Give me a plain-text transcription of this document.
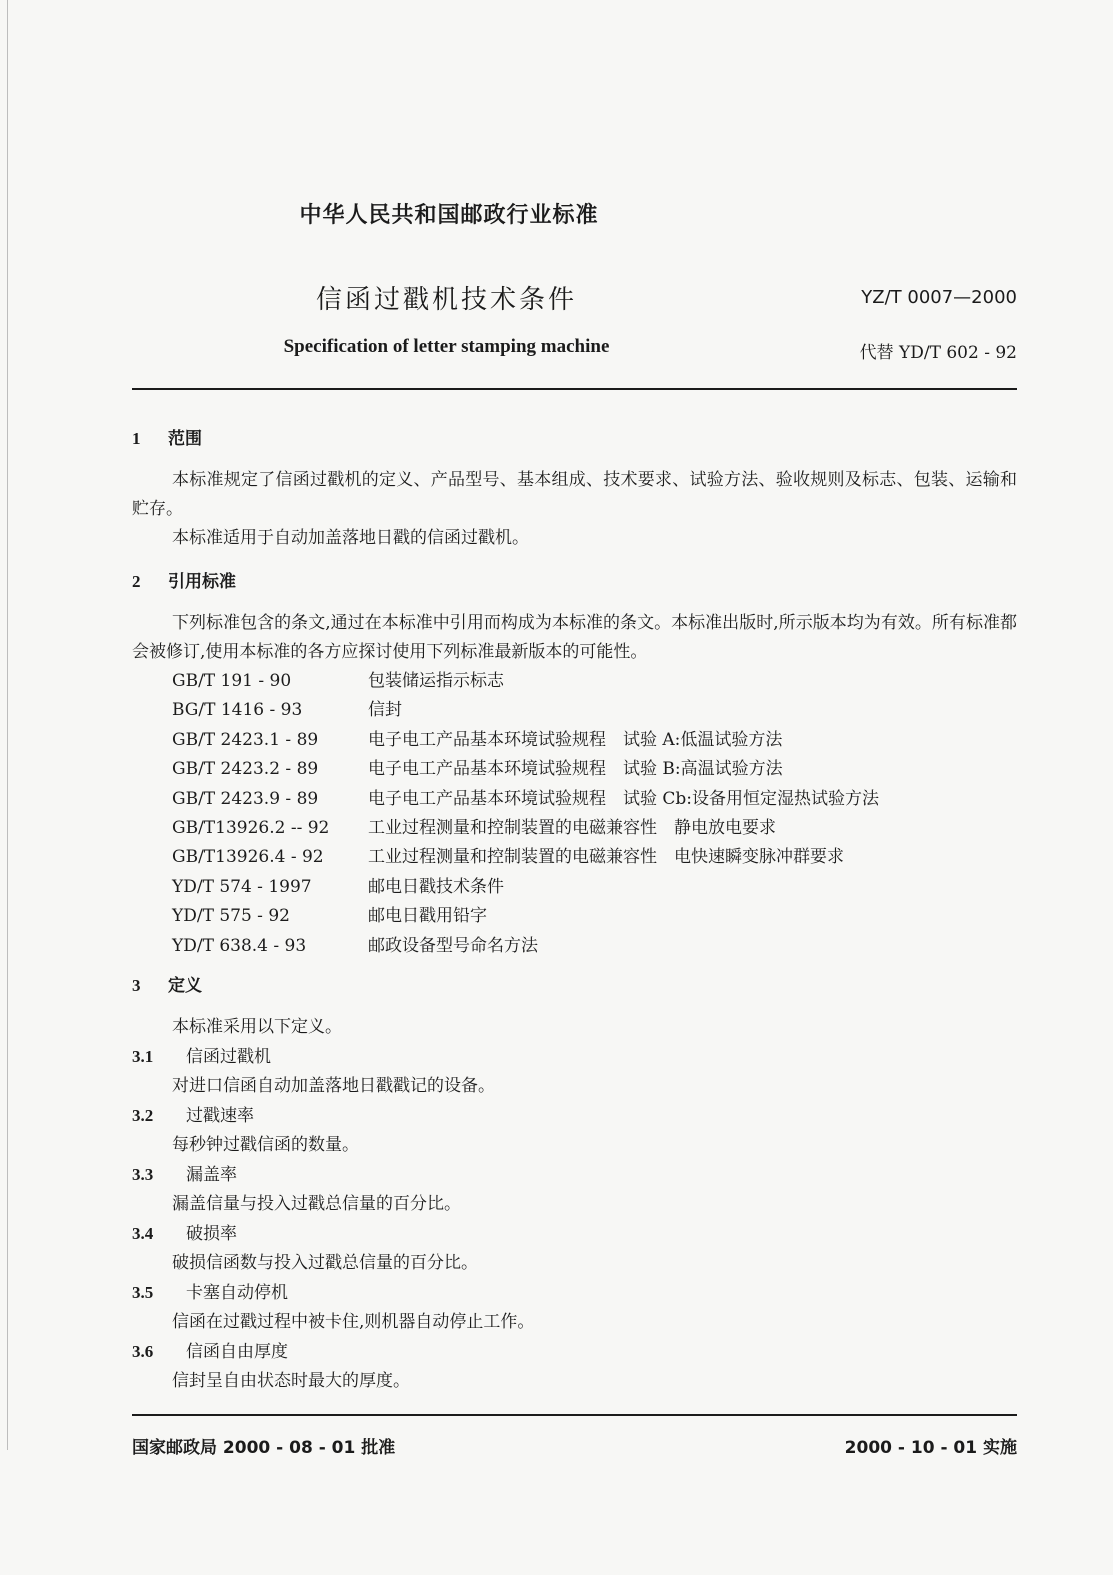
中华人民共和国邮政行业标准
信函过戳机技术条件	YZ/T 0007—2000
Specification of letter stamping machine	代替 YD/T 602 - 92

1 范围

本标准规定了信函过戳机的定义、产品型号、基本组成、技术要求、试验方法、验收规则及标志、包装、运输和贮存。

本标准适用于自动加盖落地日戳的信函过戳机。

2 引用标准

下列标准包含的条文,通过在本标准中引用而构成为本标准的条文。本标准出版时,所示版本均为有效。所有标准都会被修订,使用本标准的各方应探讨使用下列标准最新版本的可能性。

GB/T 191 - 90	包装储运指示标志
BG/T 1416 - 93	信封
GB/T 2423.1 - 89	电子电工产品基本环境试验规程　试验 A:低温试验方法
GB/T 2423.2 - 89	电子电工产品基本环境试验规程　试验 B:高温试验方法
GB/T 2423.9 - 89	电子电工产品基本环境试验规程　试验 Cb:设备用恒定湿热试验方法
GB/T13926.2 -- 92	工业过程测量和控制装置的电磁兼容性　静电放电要求
GB/T13926.4 - 92	工业过程测量和控制装置的电磁兼容性　电快速瞬变脉冲群要求
YD/T 574 - 1997	邮电日戳技术条件
YD/T 575 - 92	邮电日戳用铅字
YD/T 638.4 - 93	邮政设备型号命名方法

3 定义

本标准采用以下定义。

3.1 信函过戳机

对进口信函自动加盖落地日戳戳记的设备。

3.2 过戳速率

每秒钟过戳信函的数量。

3.3 漏盖率

漏盖信量与投入过戳总信量的百分比。

3.4 破损率

破损信函数与投入过戳总信量的百分比。

3.5 卡塞自动停机

信函在过戳过程中被卡住,则机器自动停止工作。

3.6 信函自由厚度

信封呈自由状态时最大的厚度。

国家邮政局 2000 - 08 - 01 批准	2000 - 10 - 01 实施
